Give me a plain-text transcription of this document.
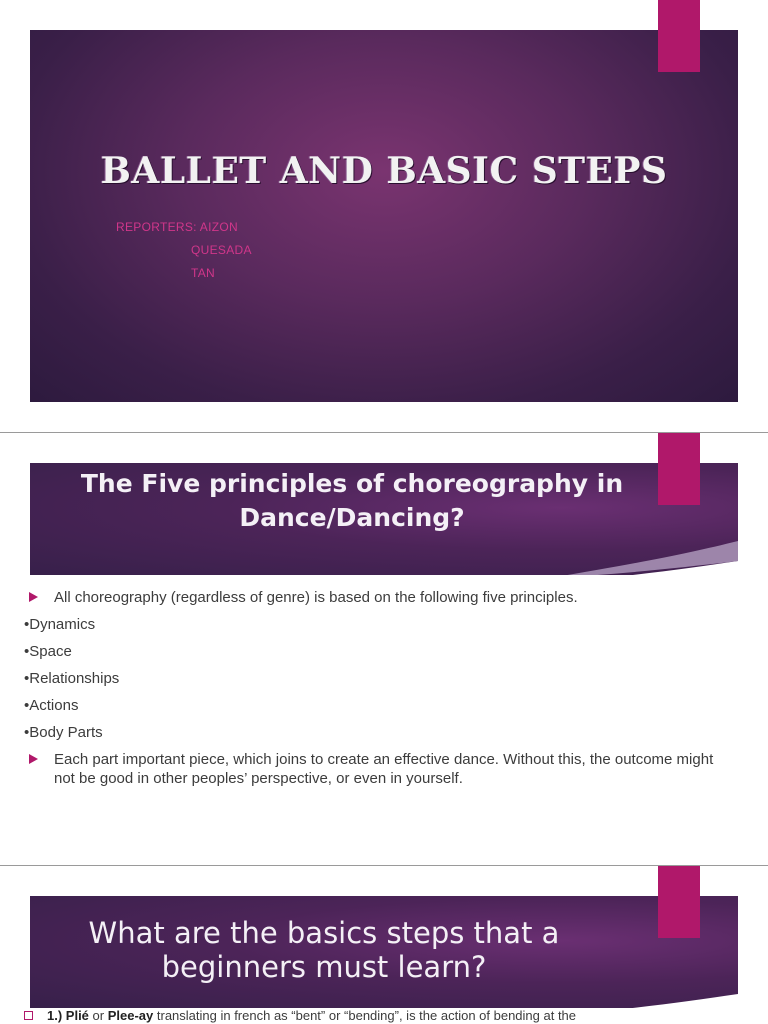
BALLET AND BASIC STEPS
REPORTERS: AIZON
QUESADA
TAN
The Five principles of choreography in
Dance/Dancing?
All choreography (regardless of genre) is based on the following five principles.
•Dynamics
•Space
•Relationships
•Actions
•Body Parts
Each part important piece, which joins to create an effective dance. Without this, the outcome might not be good in other peoples’ perspective, or even in yourself.
What are the basics steps that a
beginners must learn?
1.) Plié or Plee-ay translating in french as “bent” or “bending”, is the action of bending at the
